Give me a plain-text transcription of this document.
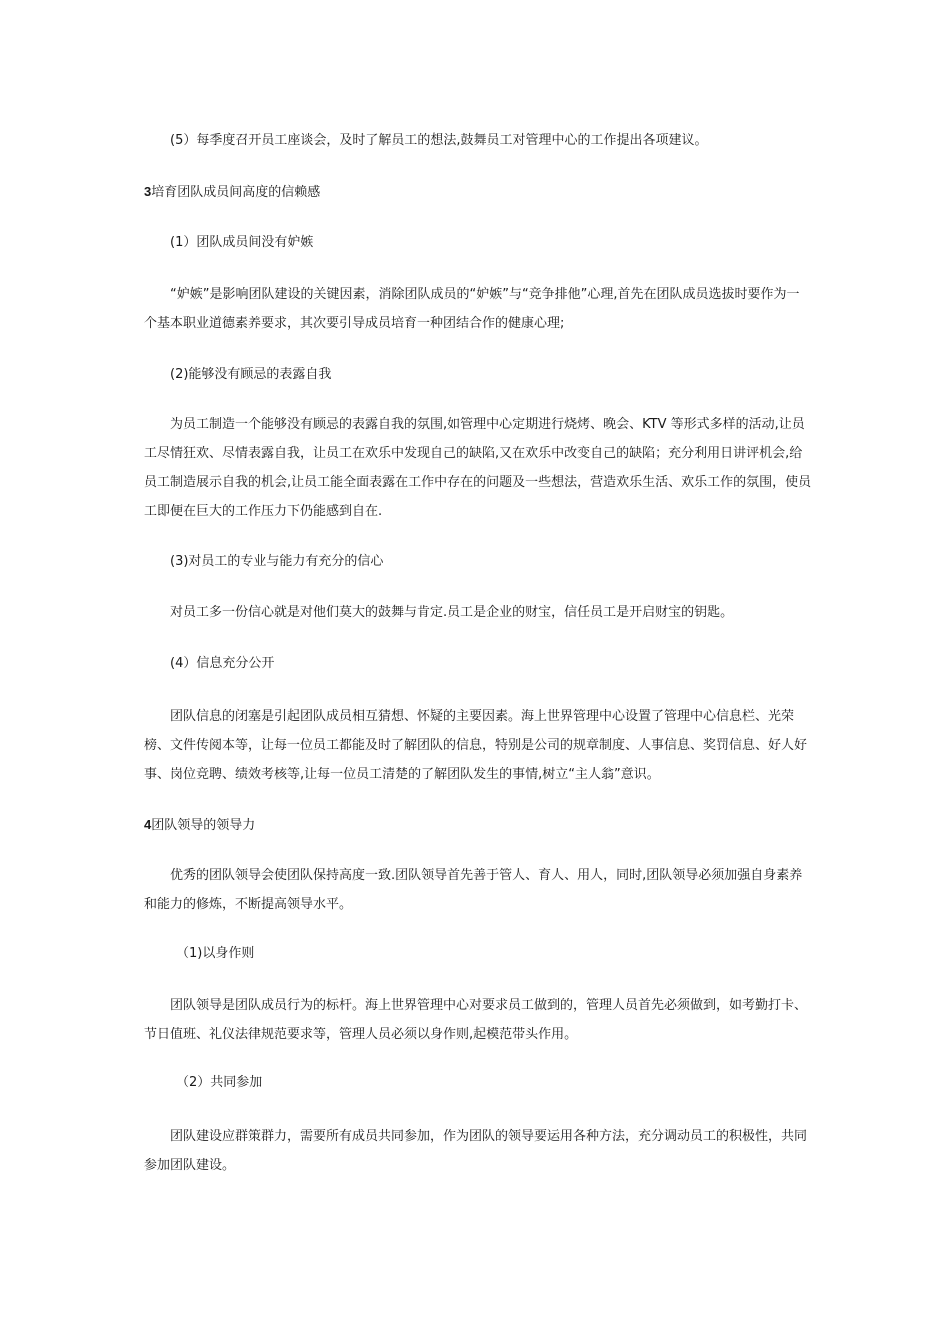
(5）每季度召开员工座谈会，及时了解员工的想法,鼓舞员工对管理中心的工作提出各项建议。

3培育团队成员间高度的信赖感

(1）团队成员间没有妒嫉

“妒嫉”是影响团队建设的关键因素，消除团队成员的“妒嫉”与“竞争排他”心理,首先在团队成员选拔时要作为一个基本职业道德素养要求，其次要引导成员培育一种团结合作的健康心理;

(2)能够没有顾忌的表露自我

为员工制造一个能够没有顾忌的表露自我的氛围,如管理中心定期进行烧烤、晚会、KTV 等形式多样的活动,让员工尽情狂欢、尽情表露自我，让员工在欢乐中发现自己的缺陷,又在欢乐中改变自己的缺陷；充分利用日讲评机会,给员工制造展示自我的机会,让员工能全面表露在工作中存在的问题及一些想法，营造欢乐生活、欢乐工作的氛围，使员工即便在巨大的工作压力下仍能感到自在.

(3)对员工的专业与能力有充分的信心

对员工多一份信心就是对他们莫大的鼓舞与肯定.员工是企业的财宝，信任员工是开启财宝的钥匙。

(4）信息充分公开

团队信息的闭塞是引起团队成员相互猜想、怀疑的主要因素。海上世界管理中心设置了管理中心信息栏、光荣榜、文件传阅本等，让每一位员工都能及时了解团队的信息，特别是公司的规章制度、人事信息、奖罚信息、好人好事、岗位竞聘、绩效考核等,让每一位员工清楚的了解团队发生的事情,树立“主人翁”意识。

4团队领导的领导力

优秀的团队领导会使团队保持高度一致.团队领导首先善于管人、育人、用人，同时,团队领导必须加强自身素养和能力的修炼，不断提高领导水平。

（1)以身作则

团队领导是团队成员行为的标杆。海上世界管理中心对要求员工做到的，管理人员首先必须做到，如考勤打卡、节日值班、礼仪法律规范要求等，管理人员必须以身作则,起模范带头作用。

（2）共同参加

团队建设应群策群力，需要所有成员共同参加，作为团队的领导要运用各种方法，充分调动员工的积极性，共同参加团队建设。
